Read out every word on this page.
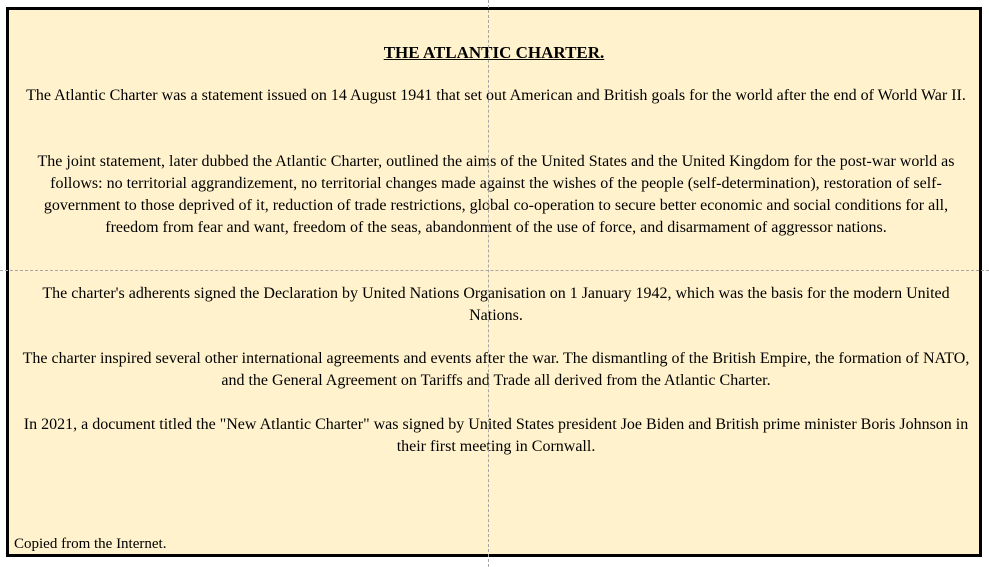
THE ATLANTIC CHARTER.
The Atlantic Charter was a statement issued on 14 August 1941 that set out American and British goals for the world after the end of World War II.
The joint statement, later dubbed the Atlantic Charter, outlined the aims of the United States and the United Kingdom for the post-war world as follows: no territorial aggrandizement, no territorial changes made against the wishes of the people (self-determination), restoration of self-government to those deprived of it, reduction of trade restrictions, global co-operation to secure better economic and social conditions for all, freedom from fear and want, freedom of the seas, abandonment of the use of force, and disarmament of aggressor nations.
The charter's adherents signed the Declaration by United Nations Organisation on 1 January 1942, which was the basis for the modern United Nations.
The charter inspired several other international agreements and events after the war. The dismantling of the British Empire, the formation of NATO, and the General Agreement on Tariffs and Trade all derived from the Atlantic Charter.
In 2021, a document titled the "New Atlantic Charter" was signed by United States president Joe Biden and British prime minister Boris Johnson in their first meeting in Cornwall.
Copied from the Internet.
